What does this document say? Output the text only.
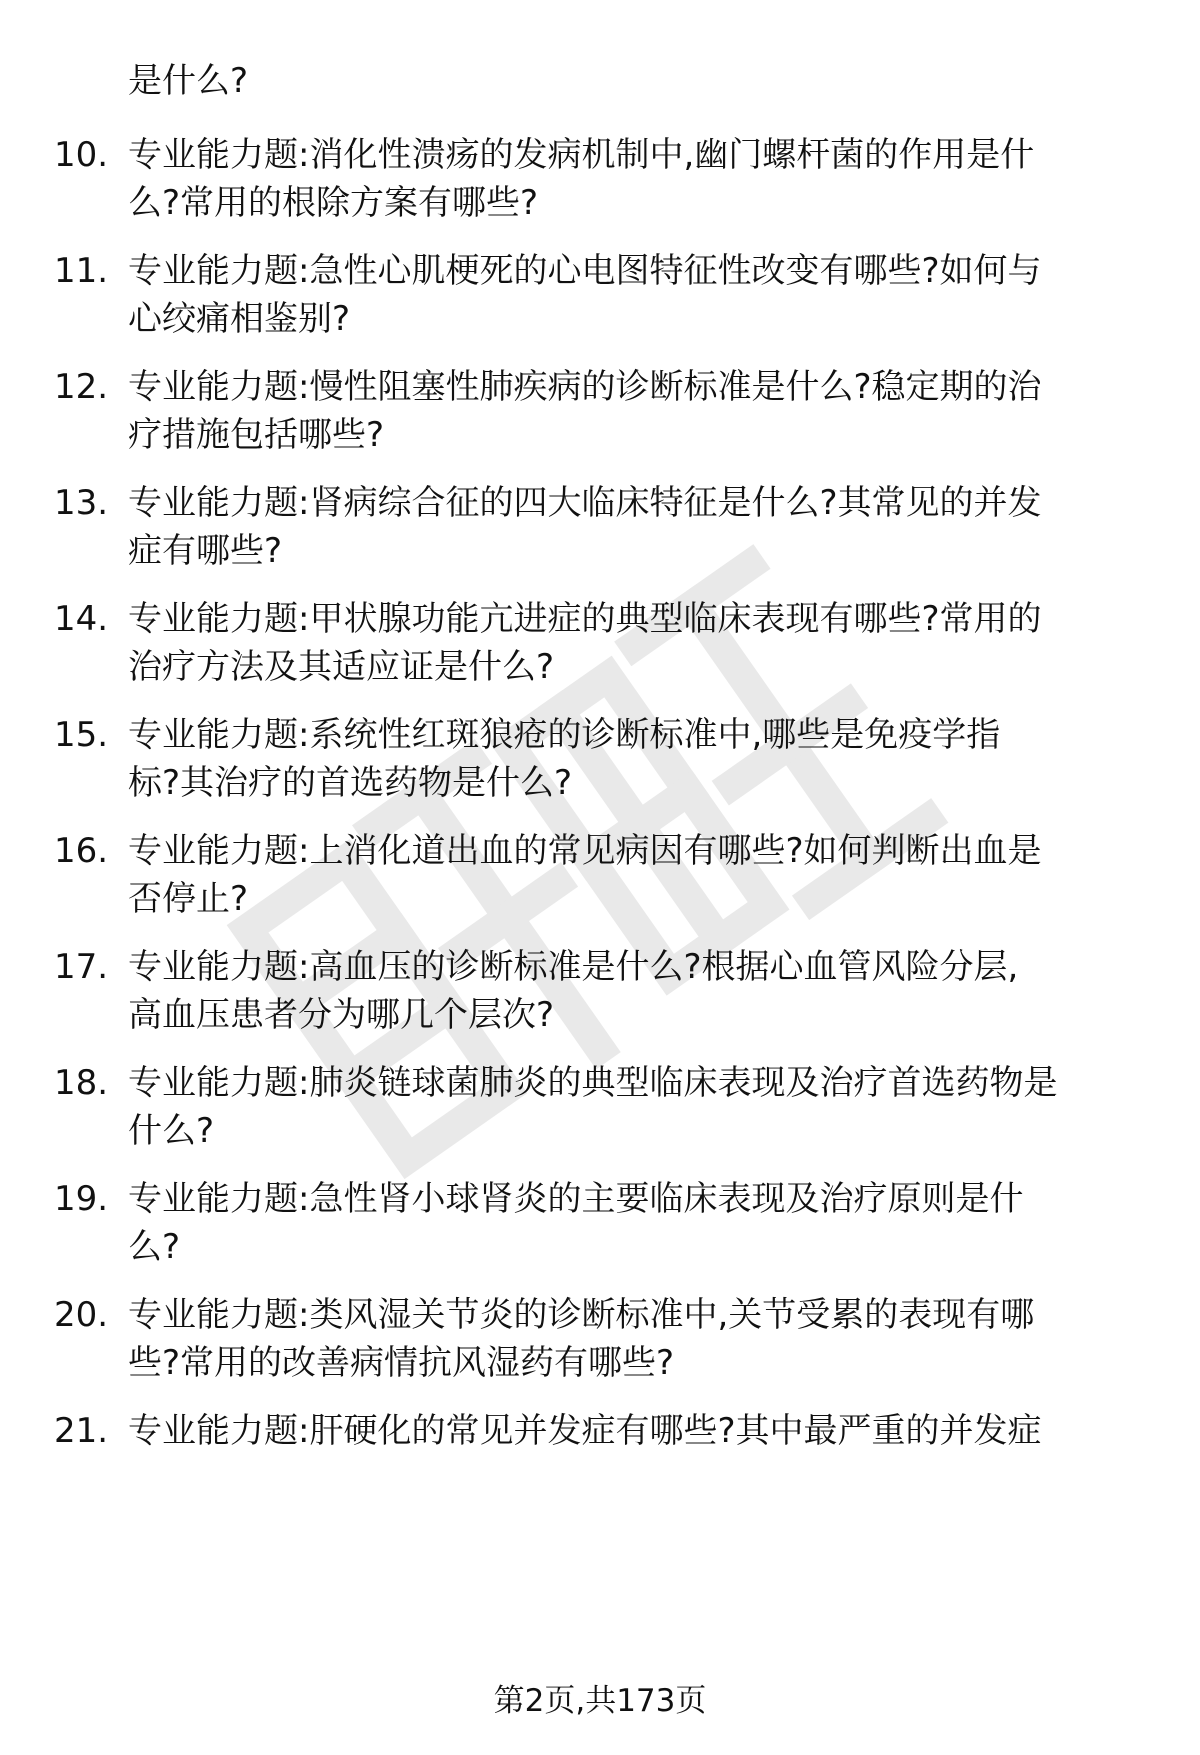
是什么?
10. 专业能力题:消化性溃疡的发病机制中,幽门螺杆菌的作用是什
么?常用的根除方案有哪些?
11. 专业能力题:急性心肌梗死的心电图特征性改变有哪些?如何与
心绞痛相鉴别?
12. 专业能力题:慢性阻塞性肺疾病的诊断标准是什么?稳定期的治
疗措施包括哪些?
13. 专业能力题:肾病综合征的四大临床特征是什么?其常见的并发
症有哪些?
14. 专业能力题:甲状腺功能亢进症的典型临床表现有哪些?常用的
治疗方法及其适应证是什么?
15. 专业能力题:系统性红斑狼疮的诊断标准中,哪些是免疫学指
标?其治疗的首选药物是什么?
16. 专业能力题:上消化道出血的常见病因有哪些?如何判断出血是
否停止?
17. 专业能力题:高血压的诊断标准是什么?根据心血管风险分层,
高血压患者分为哪几个层次?
18. 专业能力题:肺炎链球菌肺炎的典型临床表现及治疗首选药物是
什么?
19. 专业能力题:急性肾小球肾炎的主要临床表现及治疗原则是什
么?
20. 专业能力题:类风湿关节炎的诊断标准中,关节受累的表现有哪
些?常用的改善病情抗风湿药有哪些?
21. 专业能力题:肝硬化的常见并发症有哪些?其中最严重的并发症
第2页,共173页
